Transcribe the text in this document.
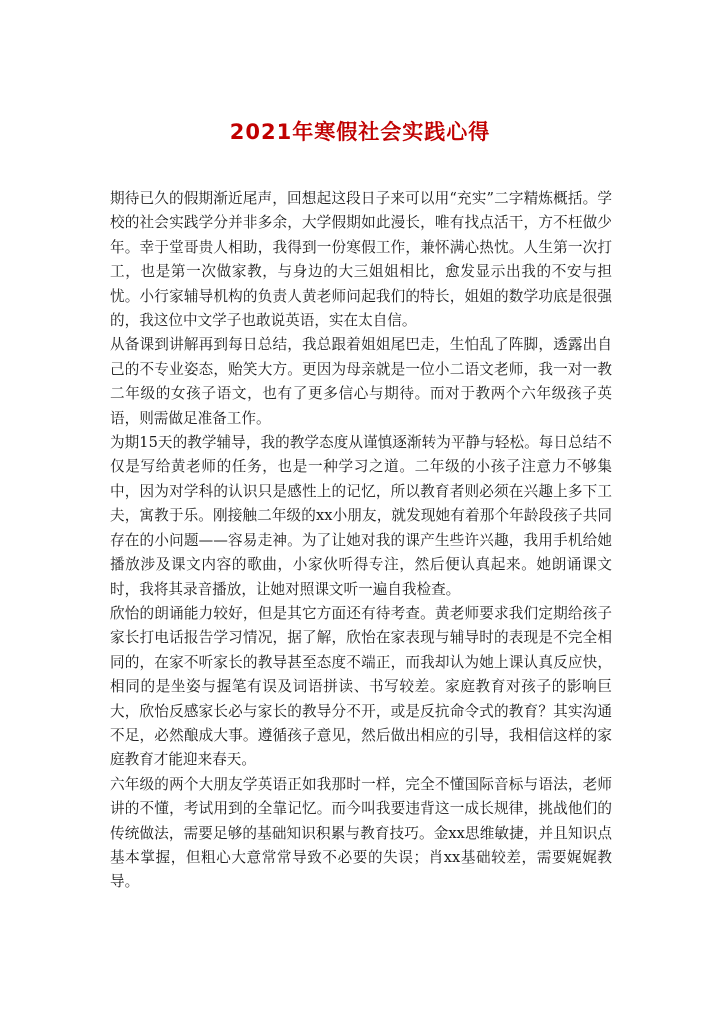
2021年寒假社会实践心得

期待已久的假期渐近尾声，回想起这段日子来可以用“充实”二字精炼概括。学校的社会实践学分并非多余，大学假期如此漫长，唯有找点活干，方不枉做少年。幸于堂哥贵人相助，我得到一份寒假工作，兼怀满心热忱。人生第一次打工，也是第一次做家教，与身边的大三姐姐相比，愈发显示出我的不安与担忧。小行家辅导机构的负责人黄老师问起我们的特长，姐姐的数学功底是很强的，我这位中文学子也敢说英语，实在太自信。

从备课到讲解再到每日总结，我总跟着姐姐尾巴走，生怕乱了阵脚，透露出自己的不专业姿态，贻笑大方。更因为母亲就是一位小二语文老师，我一对一教二年级的女孩子语文，也有了更多信心与期待。而对于教两个六年级孩子英语，则需做足准备工作。

为期15天的教学辅导，我的教学态度从谨慎逐渐转为平静与轻松。每日总结不仅是写给黄老师的任务，也是一种学习之道。二年级的小孩子注意力不够集中，因为对学科的认识只是感性上的记忆，所以教育者则必须在兴趣上多下工夫，寓教于乐。刚接触二年级的xx小朋友，就发现她有着那个年龄段孩子共同存在的小问题——容易走神。为了让她对我的课产生些许兴趣，我用手机给她播放涉及课文内容的歌曲，小家伙听得专注，然后便认真起来。她朗诵课文时，我将其录音播放，让她对照课文听一遍自我检查。

欣怡的朗诵能力较好，但是其它方面还有待考查。黄老师要求我们定期给孩子家长打电话报告学习情况，据了解，欣怡在家表现与辅导时的表现是不完全相同的，在家不听家长的教导甚至态度不端正，而我却认为她上课认真反应快，相同的是坐姿与握笔有误及词语拼读、书写较差。家庭教育对孩子的影响巨大，欣怡反感家长必与家长的教导分不开，或是反抗命令式的教育？其实沟通不足，必然酿成大事。遵循孩子意见，然后做出相应的引导，我相信这样的家庭教育才能迎来春天。

六年级的两个大朋友学英语正如我那时一样，完全不懂国际音标与语法，老师讲的不懂，考试用到的全靠记忆。而今叫我要违背这一成长规律，挑战他们的传统做法，需要足够的基础知识积累与教育技巧。金xx思维敏捷，并且知识点基本掌握，但粗心大意常常导致不必要的失误；肖xx基础较差，需要娓娓教导。
